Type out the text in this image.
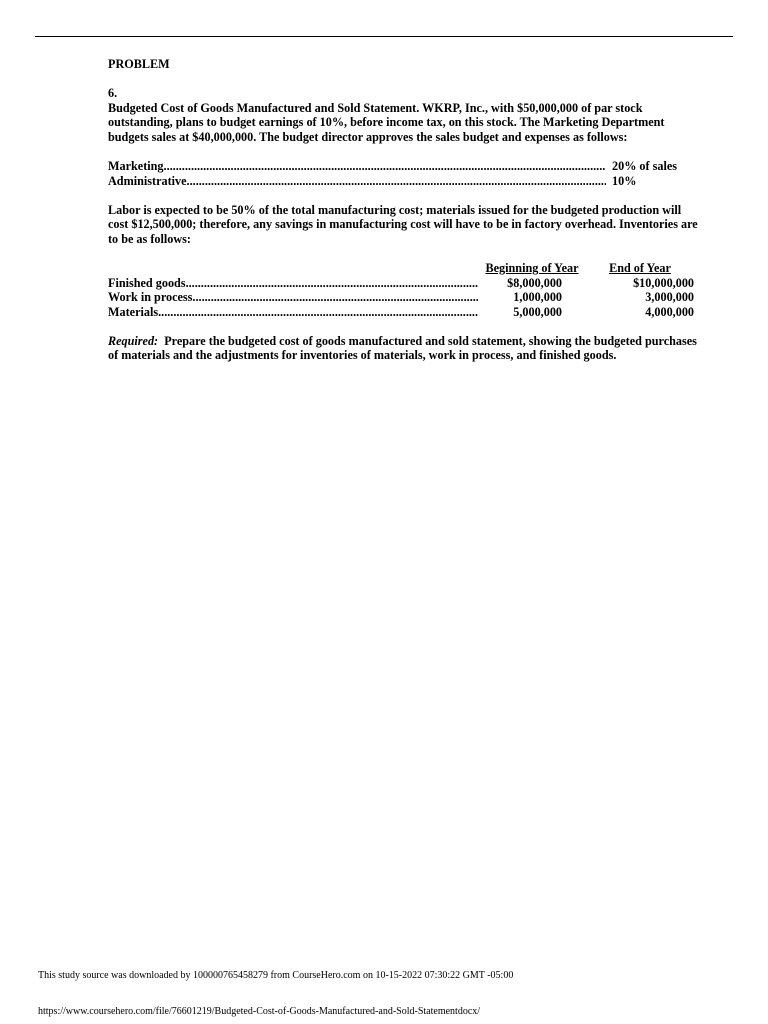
PROBLEM

6.

Budgeted Cost of Goods Manufactured and Sold Statement. WKRP, Inc., with $50,000,000 of par stock outstanding, plans to budget earnings of 10%, before income tax, on this stock. The Marketing Department budgets sales at $40,000,000. The budget director approves the sales budget and expenses as follows:

Marketing .....	20% of sales
Administrative .....	10%

Labor is expected to be 50% of the total manufacturing cost; materials issued for the budgeted production will cost $12,500,000; therefore, any savings in manufacturing cost will have to be in factory overhead. Inventories are to be as follows:

Beginning of Year	End of Year
Finished goods .....	$8,000,000	$10,000,000
Work in process .....	1,000,000	3,000,000
Materials .....	5,000,000	4,000,000

Required: Prepare the budgeted cost of goods manufactured and sold statement, showing the budgeted purchases of materials and the adjustments for inventories of materials, work in process, and finished goods.

This study source was downloaded by 100000765458279 from CourseHero.com on 10-15-2022 07:30:22 GMT -05:00
https://www.coursehero.com/file/76601219/Budgeted-Cost-of-Goods-Manufactured-and-Sold-Statementdocx/
